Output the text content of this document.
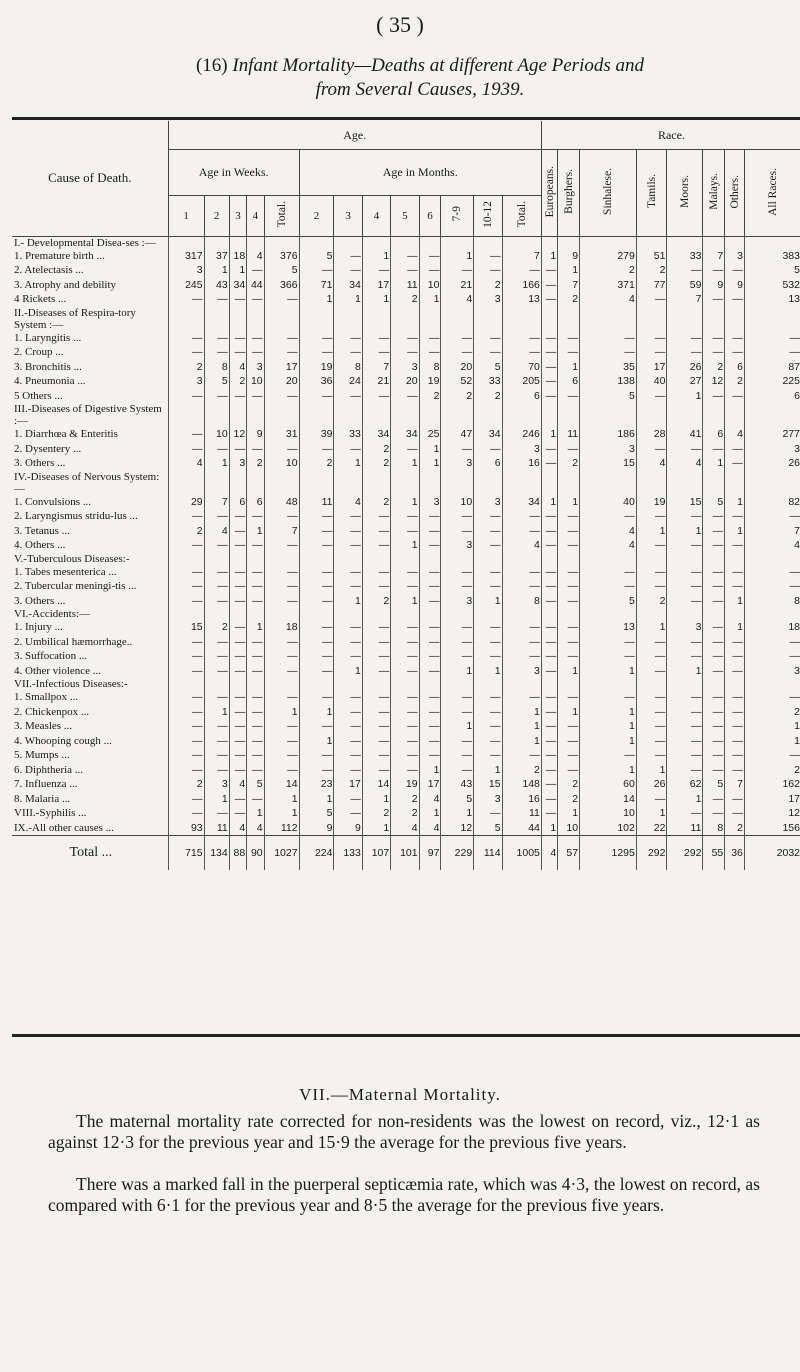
( 35 )
(16) Infant Mortality—Deaths at different Age Periods and
from Several Causes, 1939.
Cause of Death.	Age.													Race.							
	Age in Weeks.					Age in Months.								Europeans.	Burghers.	Sinhalese.	Tamils.	Moors.	Malays.	Others.	All Races.
	1	2	3	4	Total.	2	3	4	5	6	7-9	10-12	Total.								
I.- Developmental Disea-ses :—																					
1. Premature birth ...	317	37	18	4	376	5	—	1	—	—	1	—	7	1	9	279	51	33	7	3	383
2. Atelectasis ...	3	1	1	—	5	—	—	—	—	—	—	—	—	—	1	2	2	—	—	—	5
3. Atrophy and debility	245	43	34	44	366	71	34	17	11	10	21	2	166	—	7	371	77	59	9	9	532
4 Rickets ...	—	—	—	—	—	1	1	1	2	1	4	3	13	—	2	4	—	7	—	—	13
II.-Diseases of Respira-tory System :—																					
1. Laryngitis ...	—	—	—	—	—	—	—	—	—	—	—	—	—	—	—	—	—	—	—	—	—
2. Croup ...	—	—	—	—	—	—	—	—	—	—	—	—	—	—	—	—	—	—	—	—	—
3. Bronchitis ...	2	8	4	3	17	19	8	7	3	8	20	5	70	—	1	35	17	26	2	6	87
4. Pneumonia ...	3	5	2	10	20	36	24	21	20	19	52	33	205	—	6	138	40	27	12	2	225
5 Others ...	—	—	—	—	—	—	—	—	—	2	2	2	6	—	—	5	—	1	—	—	6
III.-Diseases of Digestive System :—																					
1. Diarrhœa & Enteritis	—	10	12	9	31	39	33	34	34	25	47	34	246	1	11	186	28	41	6	4	277
2. Dysentery ...	—	—	—	—	—	—	—	2	—	1	—	—	3	—	—	3	—	—	—	—	3
3. Others ...	4	1	3	2	10	2	1	2	1	1	3	6	16	—	2	15	4	4	1	—	26
IV.-Diseases of Nervous System:—																					
1. Convulsions ...	29	7	6	6	48	11	4	2	1	3	10	3	34	1	1	40	19	15	5	1	82
2. Laryngismus stridu-lus ...	—	—	—	—	—	—	—	—	—	—	—	—	—	—	—	—	—	—	—	—	—
3. Tetanus ...	2	4	—	1	7	—	—	—	—	—	—	—	—	—	—	4	1	1	—	1	7
4. Others ...	—	—	—	—	—	—	—	—	1	—	3	—	4	—	—	4	—	—	—	—	4
V.-Tuberculous Diseases:-																					
1. Tabes mesenterica ...	—	—	—	—	—	—	—	—	—	—	—	—	—	—	—	—	—	—	—	—	—
2. Tubercular meningi-tis ...	—	—	—	—	—	—	—	—	—	—	—	—	—	—	—	—	—	—	—	—	—
3. Others ...	—	—	—	—	—	—	1	2	1	—	3	1	8	—	—	5	2	—	—	1	8
VI.-Accidents:—																					
1. Injury ...	15	2	—	1	18	—	—	—	—	—	—	—	—	—	—	13	1	3	—	1	18
2. Umbilical hæmorrhage..	—	—	—	—	—	—	—	—	—	—	—	—	—	—	—	—	—	—	—	—	—
3. Suffocation ...	—	—	—	—	—	—	—	—	—	—	—	—	—	—	—	—	—	—	—	—	—
4. Other violence ...	—	—	—	—	—	—	1	—	—	—	1	1	3	—	1	1	—	1	—	—	3
VII.-Infectious Diseases:-																					
1. Smallpox ...	—	—	—	—	—	—	—	—	—	—	—	—	—	—	—	—	—	—	—	—	—
2. Chickenpox ...	—	1	—	—	1	1	—	—	—	—	—	—	1	—	1	1	—	—	—	—	2
3. Measles ...	—	—	—	—	—	—	—	—	—	—	1	—	1	—	—	1	—	—	—	—	1
4. Whooping cough ...	—	—	—	—	—	1	—	—	—	—	—	—	1	—	—	1	—	—	—	—	1
5. Mumps ...	—	—	—	—	—	—	—	—	—	—	—	—	—	—	—	—	—	—	—	—	—
6. Diphtheria ...	—	—	—	—	—	—	—	—	—	1	—	1	2	—	—	1	1	—	—	—	2
7. Influenza ...	2	3	4	5	14	23	17	14	19	17	43	15	148	—	2	60	26	62	5	7	162
8. Malaria ...	—	1	—	—	1	1	—	1	2	4	5	3	16	—	2	14	—	1	—	—	17
VIII.-Syphilis ...	—	—	—	1	1	5	—	2	2	1	1	—	11	—	1	10	1	—	—	—	12
IX.-All other causes ...	93	11	4	4	112	9	9	1	4	4	12	5	44	1	10	102	22	11	8	2	156
Total ...	715	134	88	90	1027	224	133	107	101	97	229	114	1005	4	57	1295	292	292	55	36	2032
VII.—Maternal Mortality.
The maternal mortality rate corrected for non-residents was the lowest on record, viz., 12·1 as against 12·3 for the previous year and 15·9 the average for the previous five years.
There was a marked fall in the puerperal septicæmia rate, which was 4·3, the lowest on record, as compared with 6·1 for the previous year and 8·5 the average for the previous five years.
